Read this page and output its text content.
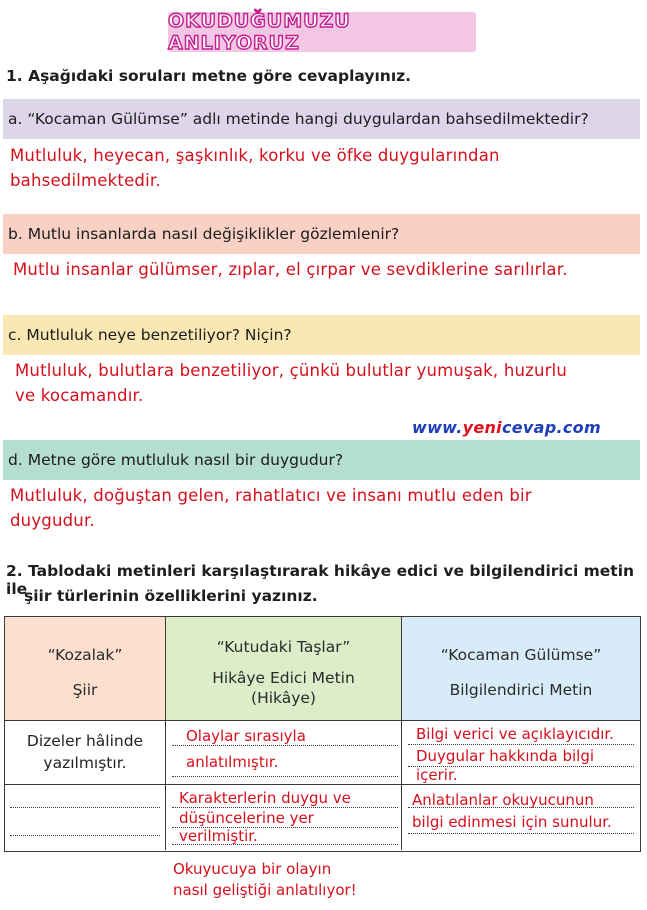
OKUDUĞUMUZU ANLIYORUZ
1. Aşağıdaki soruları metne göre cevaplayınız.
a. “Kocaman Gülümse” adlı metinde hangi duygulardan bahsedilmektedir?
Mutluluk, heyecan, şaşkınlık, korku ve öfke duygularından
bahsedilmektedir.
b. Mutlu insanlarda nasıl değişiklikler gözlemlenir?
Mutlu insanlar gülümser, zıplar, el çırpar ve sevdiklerine sarılırlar.
c. Mutluluk neye benzetiliyor? Niçin?
Mutluluk, bulutlara benzetiliyor, çünkü bulutlar yumuşak, huzurlu
ve kocamandır.
www.yenicevap.com
d. Metne göre mutluluk nasıl bir duygudur?
Mutluluk, doğuştan gelen, rahatlatıcı ve insanı mutlu eden bir
duygudur.
2. Tablodaki metinleri karşılaştırarak hikâye edici ve bilgilendirici metin ile
şiir türlerinin özelliklerini yazınız.
“Kozalak”
Şiir
“Kutudaki Taşlar”
Hikâye Edici Metin
(Hikâye)
“Kocaman Gülümse”
Bilgilendirici Metin
Dizeler hâlinde
yazılmıştır.
Olaylar sırasıyla
anlatılmıştır.
Bilgi verici ve açıklayıcıdır.
Duygular hakkında bilgi
içerir.
Karakterlerin duygu ve
düşüncelerine yer
verilmiştir.
Anlatılanlar okuyucunun
bilgi edinmesi için sunulur.
Okuyucuya bir olayın
nasıl geliştiği anlatılıyor!
